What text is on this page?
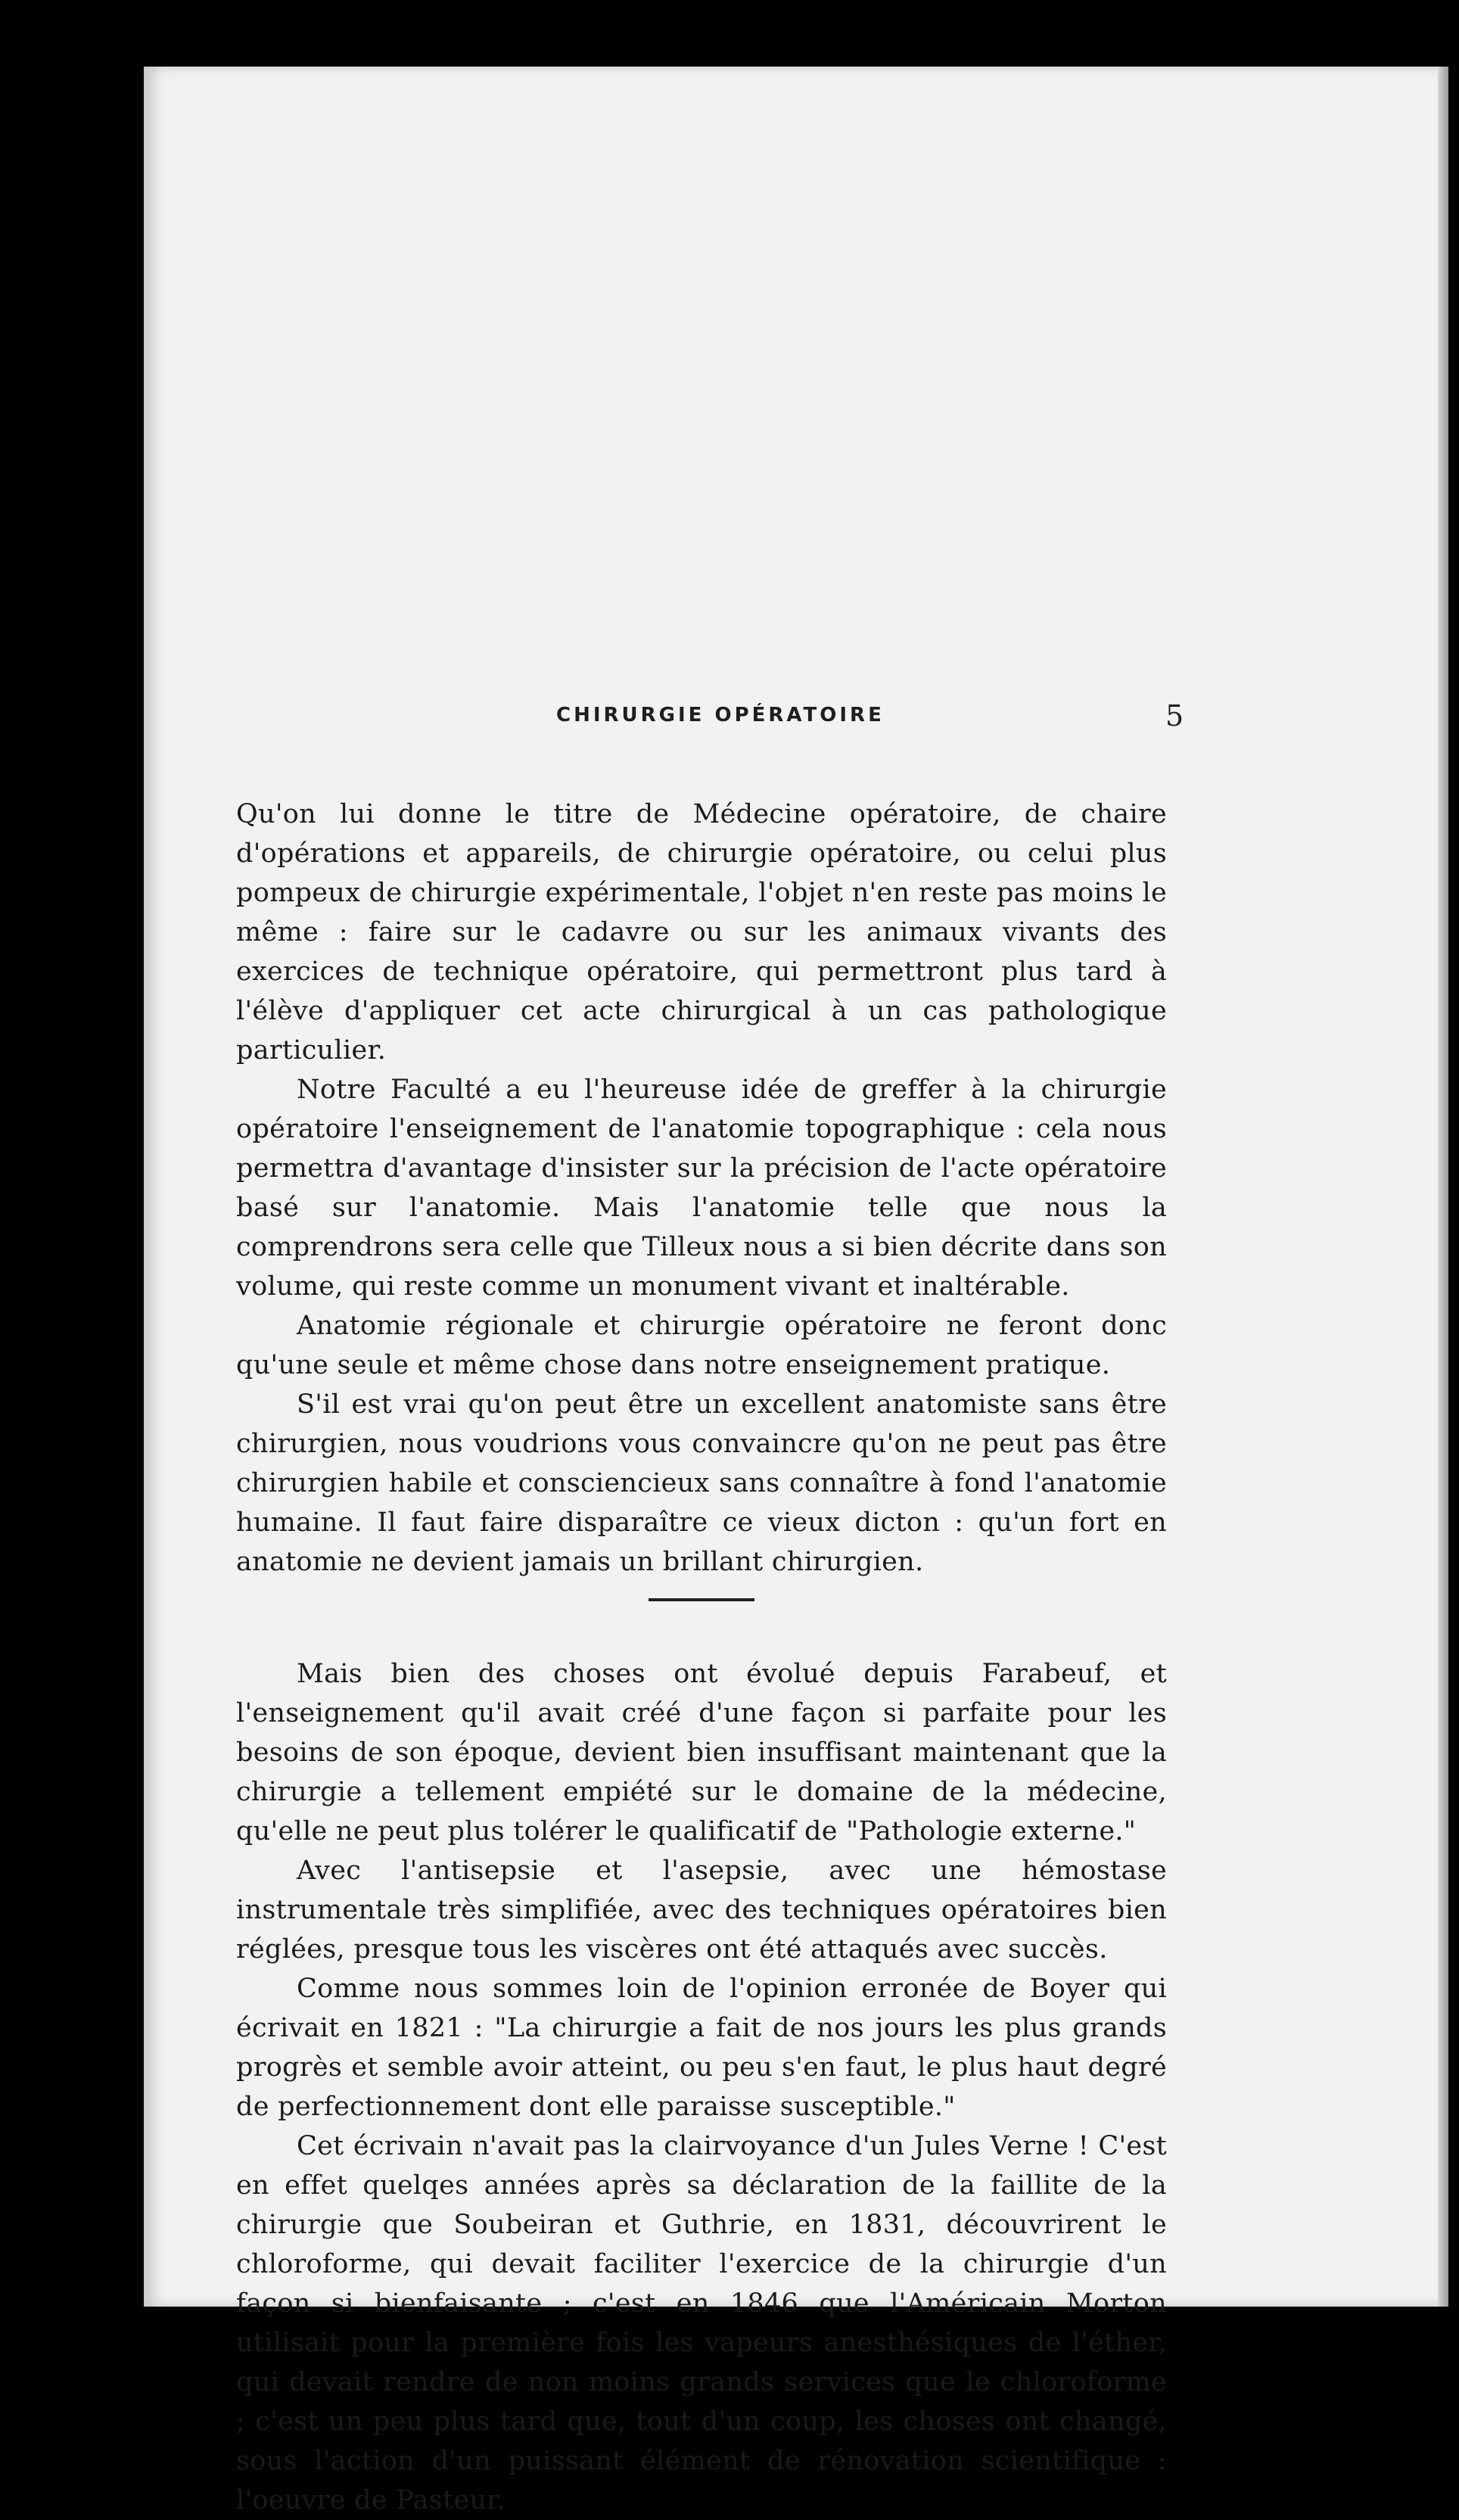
CHIRURGIE OPÉRATOIRE	5

Qu'on lui donne le titre de Médecine opératoire, de chaire d'opérations et appareils, de chirurgie opératoire, ou celui plus pompeux de chirurgie expérimentale, l'objet n'en reste pas moins le même : faire sur le cadavre ou sur les animaux vivants des exercices de technique opératoire, qui permettront plus tard à l'élève d'appliquer cet acte chirurgical à un cas pathologique particulier.

Notre Faculté a eu l'heureuse idée de greffer à la chirurgie opératoire l'enseignement de l'anatomie topographique : cela nous permettra d'avantage d'insister sur la précision de l'acte opératoire basé sur l'anatomie. Mais l'anatomie telle que nous la comprendrons sera celle que Tilleux nous a si bien décrite dans son volume, qui reste comme un monument vivant et inaltérable.

Anatomie régionale et chirurgie opératoire ne feront donc qu'une seule et même chose dans notre enseignement pratique.

S'il est vrai qu'on peut être un excellent anatomiste sans être chirurgien, nous voudrions vous convaincre qu'on ne peut pas être chirurgien habile et consciencieux sans connaître à fond l'anatomie humaine. Il faut faire disparaître ce vieux dicton : qu'un fort en anatomie ne devient jamais un brillant chirurgien.

Mais bien des choses ont évolué depuis Farabeuf, et l'enseignement qu'il avait créé d'une façon si parfaite pour les besoins de son époque, devient bien insuffisant maintenant que la chirurgie a tellement empiété sur le domaine de la médecine, qu'elle ne peut plus tolérer le qualificatif de "Pathologie externe."

Avec l'antisepsie et l'asepsie, avec une hémostase instrumentale très simplifiée, avec des techniques opératoires bien réglées, presque tous les viscères ont été attaqués avec succès.

Comme nous sommes loin de l'opinion erronée de Boyer qui écrivait en 1821 : "La chirurgie a fait de nos jours les plus grands progrès et semble avoir atteint, ou peu s'en faut, le plus haut degré de perfectionnement dont elle paraisse susceptible."

Cet écrivain n'avait pas la clairvoyance d'un Jules Verne ! C'est en effet quelqes années après sa déclaration de la faillite de la chirurgie que Soubeiran et Guthrie, en 1831, découvrirent le chloroforme, qui devait faciliter l'exercice de la chirurgie d'un façon si bienfaisante ; c'est en 1846 que l'Américain Morton utilisait pour la première fois les vapeurs anesthésiques de l'éther, qui devait rendre de non moins grands services que le chloroforme ; c'est un peu plus tard que, tout d'un coup, les choses ont changé, sous l'action d'un puissant élément de rénovation scientifique : l'oeuvre de Pasteur.
